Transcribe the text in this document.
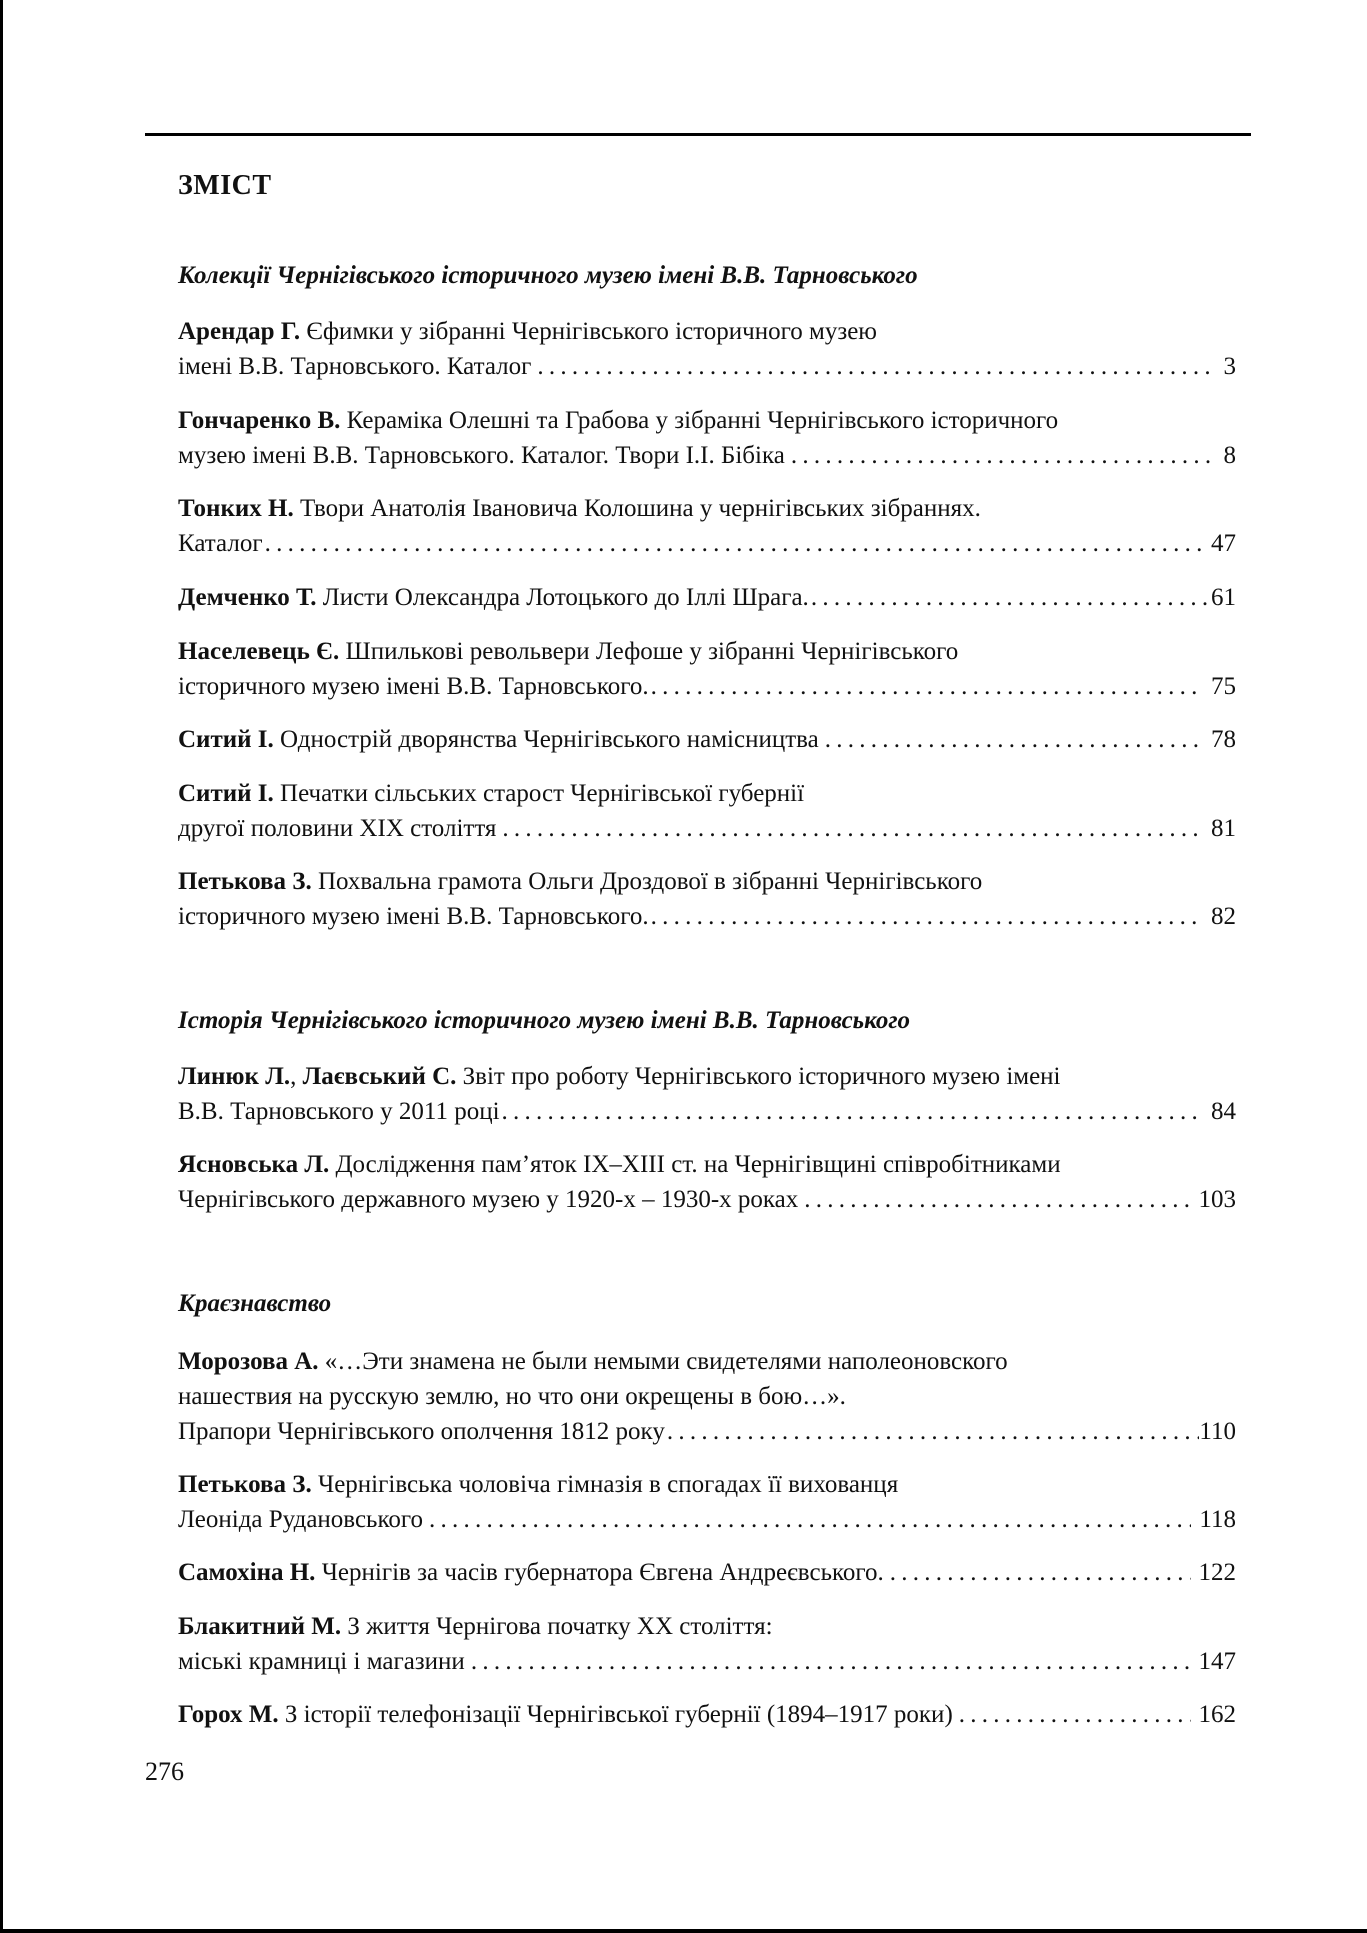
ЗМІСТ
Колекції Чернігівського історичного музею імені В.В. Тарновського
Арендар Г. Єфимки у зібранні Чернігівського історичного музею
імені В.В. Тарновського. Каталог . . .	3
Гончаренко В. Кераміка Олешні та Грабова у зібранні Чернігівського історичного
музею імені В.В. Тарновського. Каталог. Твори І.І. Бібіка . . .	8
Тонких Н. Твори Анатолія Івановича Колошина у чернігівських зібраннях.
Каталог . . .	47
Демченко Т. Листи Олександра Лотоцького до Іллі Шрага. . . .	61
Населевець Є. Шпилькові револьвери Лефоше у зібранні Чернігівського
історичного музею імені В.В. Тарновського. . . .	75
Ситий І. Однострій дворянства Чернігівського намісництва . . .	78
Ситий І. Печатки сільських старост Чернігівської губернії
другої половини ХІХ століття . . .	81
Петькова З. Похвальна грамота Ольги Дроздової в зібранні Чернігівського
історичного музею імені В.В. Тарновського. . . .	82
Історія Чернігівського історичного музею імені В.В. Тарновського
Линюк Л., Лаєвський С. Звіт про роботу Чернігівського історичного музею імені
В.В. Тарновського у 2011 році . . .	84
Ясновська Л. Дослідження пам’яток ІХ–ХІІІ ст. на Чернігівщині співробітниками
Чернігівського державного музею у 1920-х – 1930-х роках . . .	103
Краєзнавство
Морозова А. «…Эти знамена не были немыми свидетелями наполеоновского
нашествия на русскую землю, но что они окрещены в бою…».
Прапори Чернігівського ополчення 1812 року . . .	110
Петькова З. Чернігівська чоловіча гімназія в спогадах її вихованця
Леоніда Рудановського . . .	118
Самохіна Н. Чернігів за часів губернатора Євгена Андреєвського. . . .	122
Блакитний М. З життя Чернігова початку ХХ століття:
міські крамниці і магазини . . .	147
Горох М. З історії телефонізації Чернігівської губернії (1894–1917 роки) . . .	162
276
